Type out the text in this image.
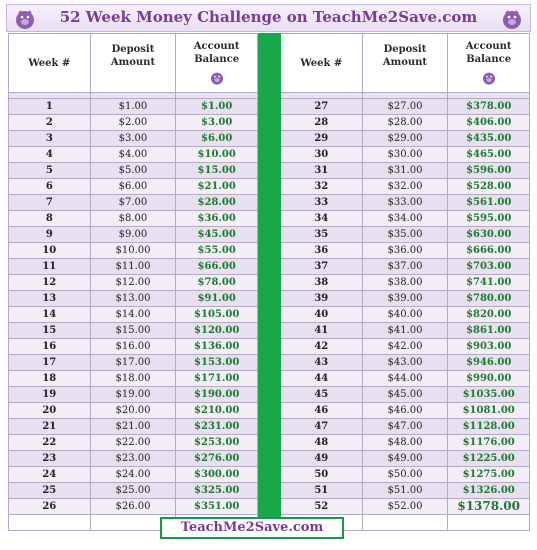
52 Week Money Challenge on TeachMe2Save.com
Week #	Deposit Amount	Account Balance		Week #	Deposit Amount	Account Balance

1	$1.00	$1.00		27	$27.00	$378.00
2	$2.00	$3.00		28	$28.00	$406.00
3	$3.00	$6.00		29	$29.00	$435.00
4	$4.00	$10.00		30	$30.00	$465.00
5	$5.00	$15.00		31	$31.00	$596.00
6	$6.00	$21.00		32	$32.00	$528.00
7	$7.00	$28.00		33	$33.00	$561.00
8	$8.00	$36.00		34	$34.00	$595.00
9	$9.00	$45.00		35	$35.00	$630.00
10	$10.00	$55.00		36	$36.00	$666.00
11	$11.00	$66.00		37	$37.00	$703.00
12	$12.00	$78.00		38	$38.00	$741.00
13	$13.00	$91.00		39	$39.00	$780.00
14	$14.00	$105.00		40	$40.00	$820.00
15	$15.00	$120.00		41	$41.00	$861.00
16	$16.00	$136.00		42	$42.00	$903.00
17	$17.00	$153.00		43	$43.00	$946.00
18	$18.00	$171.00		44	$44.00	$990.00
19	$19.00	$190.00		45	$45.00	$1035.00
20	$20.00	$210.00		46	$46.00	$1081.00
21	$21.00	$231.00		47	$47.00	$1128.00
22	$22.00	$253.00		48	$48.00	$1176.00
23	$23.00	$276.00		49	$49.00	$1225.00
24	$24.00	$300.00		50	$50.00	$1275.00
25	$25.00	$325.00		51	$51.00	$1326.00
26	$26.00	$351.00		52	$52.00	$1378.00

TeachMe2Save.com
